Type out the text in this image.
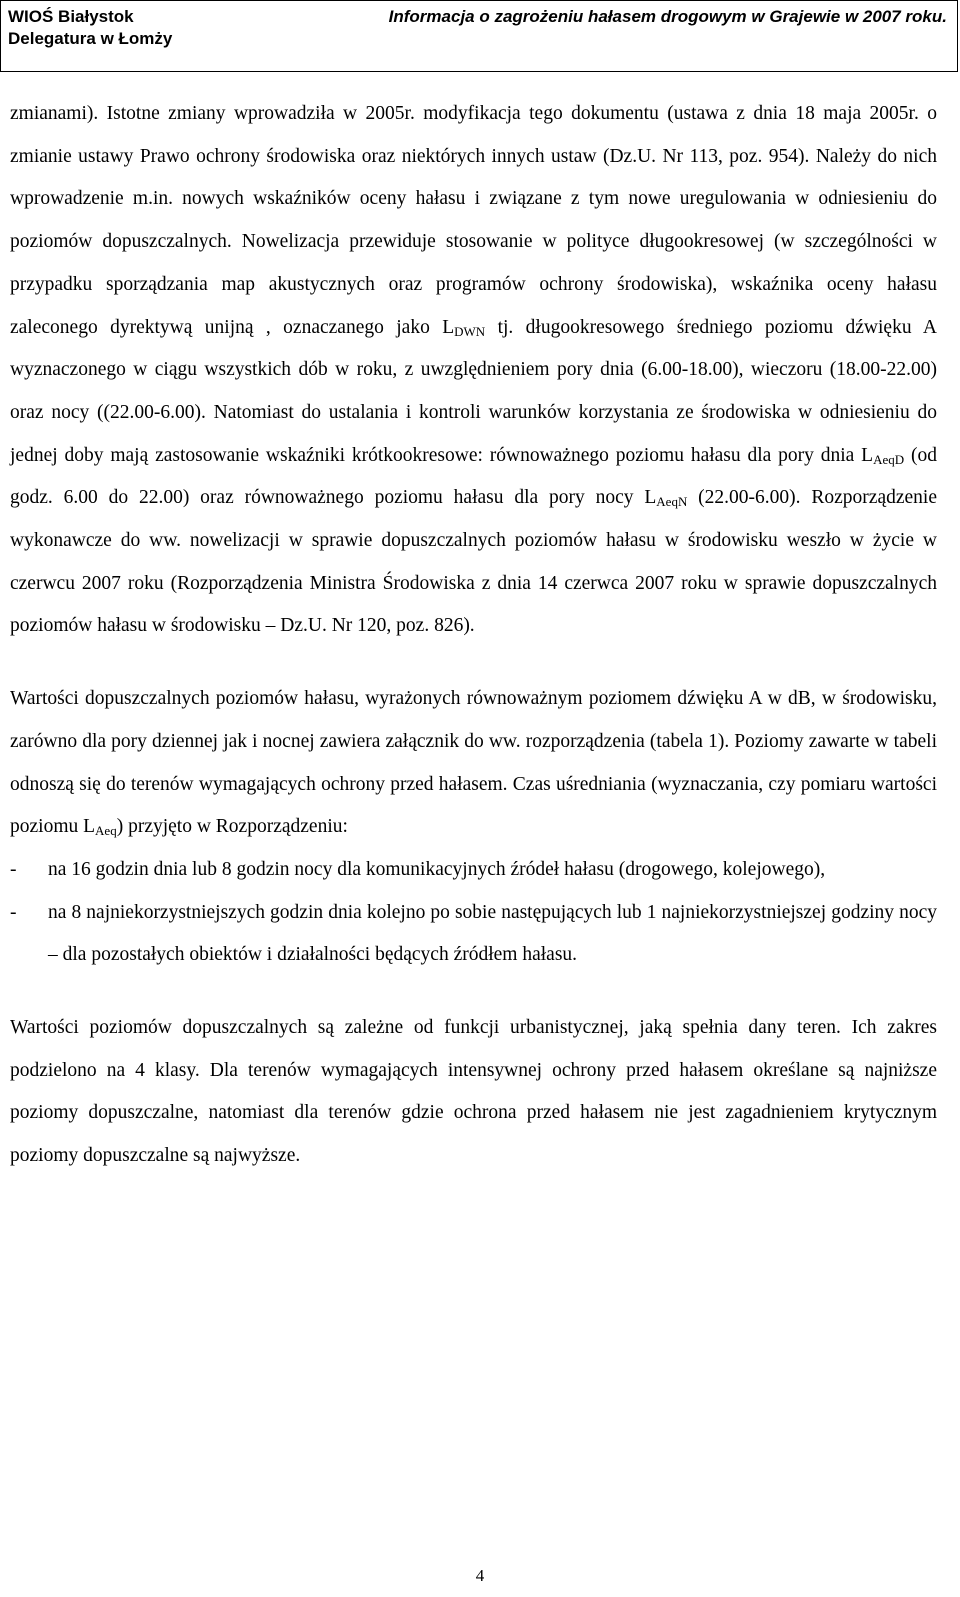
WIOŚ Białystok
Delegatura w Łomży
Informacja o zagrożeniu hałasem drogowym w Grajewie w 2007 roku.

zmianami). Istotne zmiany wprowadziła w 2005r. modyfikacja tego dokumentu (ustawa z dnia 18 maja 2005r. o zmianie ustawy Prawo ochrony środowiska oraz niektórych innych ustaw (Dz.U. Nr 113, poz. 954). Należy do nich wprowadzenie m.in. nowych wskaźników oceny hałasu i związane z tym nowe uregulowania w odniesieniu do poziomów dopuszczalnych. Nowelizacja przewiduje stosowanie w polityce długookresowej (w szczególności w przypadku sporządzania map akustycznych oraz programów ochrony środowiska), wskaźnika oceny hałasu zaleconego dyrektywą unijną , oznaczanego jako $L_{DWN}$ tj. długookresowego średniego poziomu dźwięku A wyznaczonego w ciągu wszystkich dób w roku, z uwzględnieniem pory dnia (6.00-18.00), wieczoru (18.00-22.00) oraz nocy ((22.00-6.00). Natomiast do ustalania i kontroli warunków korzystania ze środowiska w odniesieniu do jednej doby mają zastosowanie wskaźniki krótkookresowe: równoważnego poziomu hałasu dla pory dnia $L_{AeqD}$ (od godz. 6.00 do 22.00) oraz równoważnego poziomu hałasu dla pory nocy $L_{AeqN}$ (22.00-6.00). Rozporządzenie wykonawcze do ww. nowelizacji w sprawie dopuszczalnych poziomów hałasu w środowisku weszło w życie w czerwcu 2007 roku (Rozporządzenia Ministra Środowiska z dnia 14 czerwca 2007 roku w sprawie dopuszczalnych poziomów hałasu w środowisku – Dz.U. Nr 120, poz. 826).

Wartości dopuszczalnych poziomów hałasu, wyrażonych równoważnym poziomem dźwięku A w dB, w środowisku, zarówno dla pory dziennej jak i nocnej zawiera załącznik do ww. rozporządzenia (tabela 1). Poziomy zawarte w tabeli odnoszą się do terenów wymagających ochrony przed hałasem. Czas uśredniania (wyznaczania, czy pomiaru wartości poziomu $L_{Aeq}$) przyjęto w Rozporządzeniu:

- na 16 godzin dnia lub 8 godzin nocy dla komunikacyjnych źródeł hałasu (drogowego, kolejowego),
- na 8 najniekorzystniejszych godzin dnia kolejno po sobie następujących lub 1 najniekorzystniejszej godziny nocy – dla pozostałych obiektów i działalności będących źródłem hałasu.

Wartości poziomów dopuszczalnych są zależne od funkcji urbanistycznej, jaką spełnia dany teren. Ich zakres podzielono na 4 klasy. Dla terenów wymagających intensywnej ochrony przed hałasem określane są najniższe poziomy dopuszczalne, natomiast dla terenów gdzie ochrona przed hałasem nie jest zagadnieniem krytycznym poziomy dopuszczalne są najwyższe.

4
